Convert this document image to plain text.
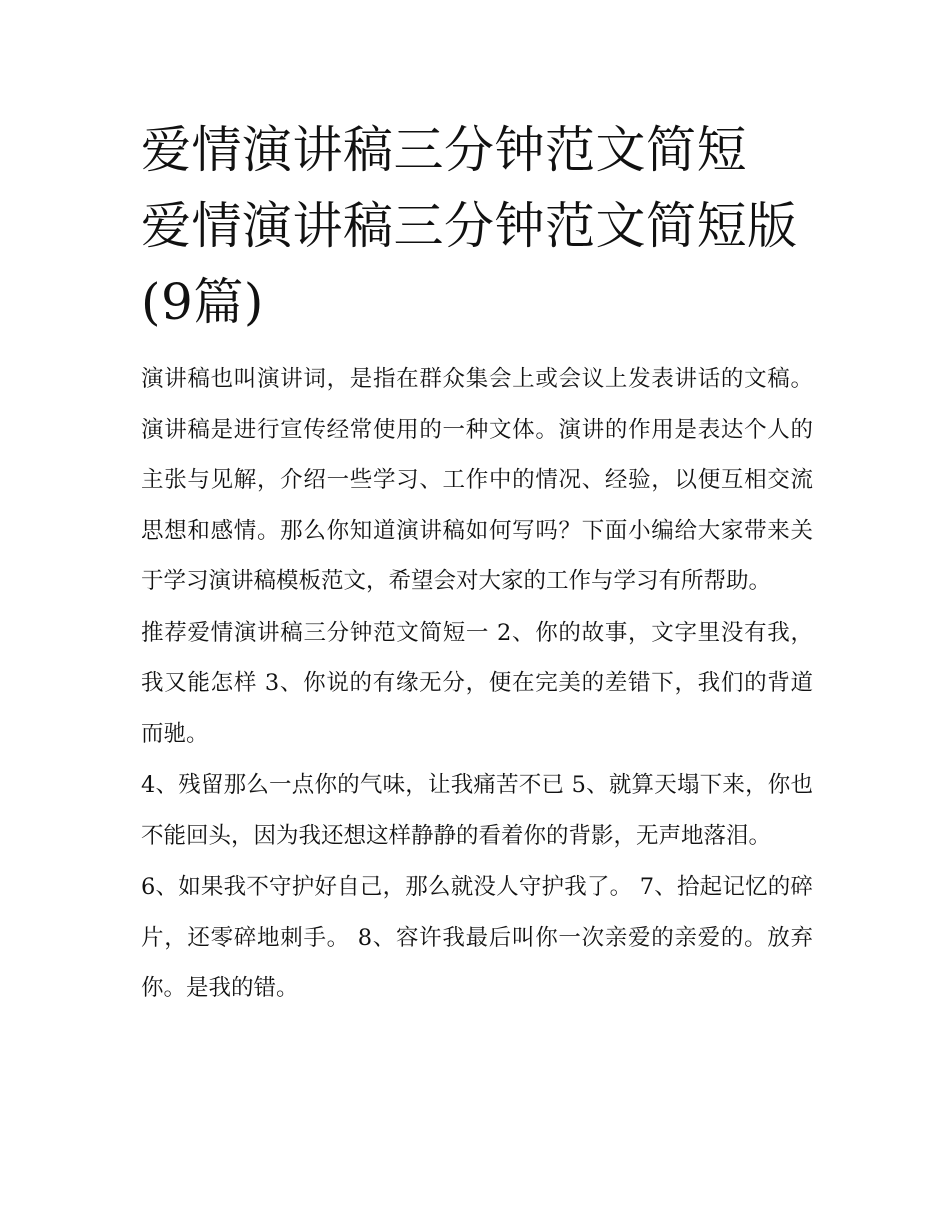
爱情演讲稿三分钟范文简短 爱情演讲稿三分钟范文简短版(9篇)

演讲稿也叫演讲词，是指在群众集会上或会议上发表讲话的文稿。演讲稿是进行宣传经常使用的一种文体。演讲的作用是表达个人的主张与见解，介绍一些学习、工作中的情况、经验，以便互相交流思想和感情。那么你知道演讲稿如何写吗？下面小编给大家带来关于学习演讲稿模板范文，希望会对大家的工作与学习有所帮助。

推荐爱情演讲稿三分钟范文简短一 2、你的故事，文字里没有我，我又能怎样 3、你说的有缘无分，便在完美的差错下，我们的背道而驰。

4、残留那么一点你的气味，让我痛苦不已 5、就算天塌下来，你也不能回头，因为我还想这样静静的看着你的背影，无声地落泪。

6、如果我不守护好自己，那么就没人守护我了。 7、拾起记忆的碎片，还零碎地刺手。 8、容许我最后叫你一次亲爱的亲爱的。放弃你。是我的错。
